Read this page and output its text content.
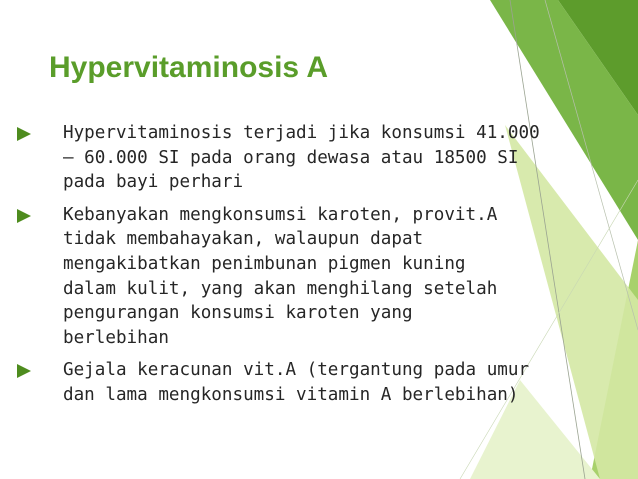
Hypervitaminosis A
Hypervitaminosis terjadi jika konsumsi 41.000
– 60.000 SI pada orang dewasa atau 18500 SI
pada bayi perhari
Kebanyakan mengkonsumsi karoten, provit.A
tidak membahayakan, walaupun dapat
mengakibatkan penimbunan pigmen kuning
dalam kulit, yang akan menghilang setelah
pengurangan konsumsi karoten yang
berlebihan
Gejala keracunan vit.A (tergantung pada umur
dan lama mengkonsumsi vitamin A berlebihan)
